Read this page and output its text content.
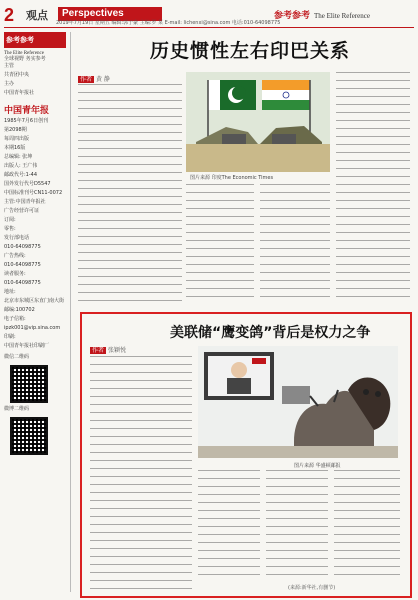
2	观点	Perspectives	参考参考 The Elite Reference
2019年7月19日 星期五 编辑:郭子豪 主编:罗 某 E-mail: lichenxi@sina.com 电话:010-64098775
参考参考
The Elite Reference
全球视野 务实参考

主管

共青团中央

主办

中国青年报社

中国青年报

1985年7月6日创刊

第2098期

每周四出版

本期16版

总编辑: 张坤

出版人: 王广伟

邮政代号:1-44

国外发行代号D5547

中国标准刊号CN11-0072

主管:中国青年报社

广告经营许可证

订阅:

零售:

发行部电话

010-64098775

广告热线:

010-64098775

读者服务:

010-64098775

地址:

北京市东城区东直门南大街

邮编:100702

电子信箱:

ipzk001@vip.sina.com

印刷:

中国青年报社印刷厂

微信二维码

微博二维码

历史惯性左右印巴关系
作者 黄 静
图片来源 印度The Economic Times
美联储“鹰变鸽”背后是权力之争
作者 张颖悦
图片来源 华盛顿邮报
(来源:新华社,有删节)
